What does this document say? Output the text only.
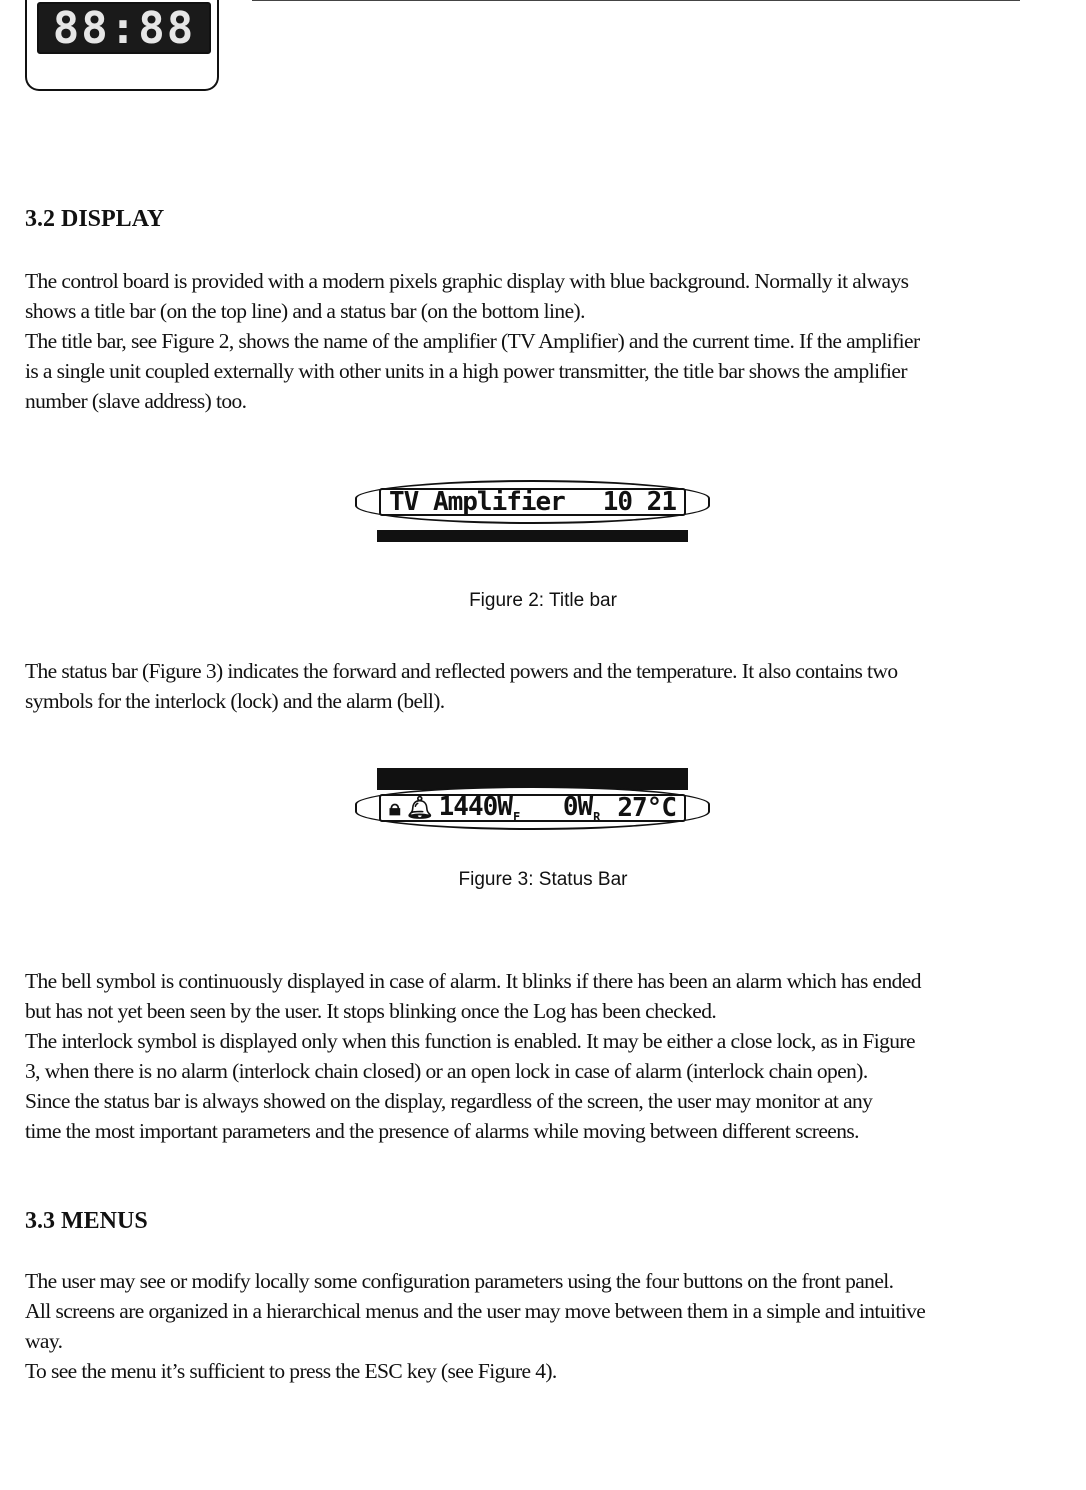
88:88
3.2 DISPLAY

The control board is provided with a modern pixels graphic display with blue background. Normally it always
shows a title bar (on the top line) and a status bar (on the bottom line).
The title bar, see Figure 2, shows the name of the amplifier (TV Amplifier) and the current time. If the amplifier
is a single unit coupled externally with other units in a high power transmitter, the title bar shows the amplifier
number (slave address) too.

TV Amplifier	10 21
Figure 2: Title bar

The status bar (Figure 3) indicates the forward and reflected powers and the temperature. It also contains two
symbols for the interlock (lock) and the alarm (bell).

🔒︎ 🔔︎ $1440W_F$ $0W_R$ 27°C
Figure 3: Status Bar

The bell symbol is continuously displayed in case of alarm. It blinks if there has been an alarm which has ended
but has not yet been seen by the user. It stops blinking once the Log has been checked.
The interlock symbol is displayed only when this function is enabled. It may be either a close lock, as in Figure
3, when there is no alarm (interlock chain closed) or an open lock in case of alarm (interlock chain open).
Since the status bar is always showed on the display, regardless of the screen, the user may monitor at any
time the most important parameters and the presence of alarms while moving between different screens.

3.3 MENUS

The user may see or modify locally some configuration parameters using the four buttons on the front panel.
All screens are organized in a hierarchical menus and the user may move between them in a simple and intuitive
way.
To see the menu it’s sufficient to press the ESC key (see Figure 4).
